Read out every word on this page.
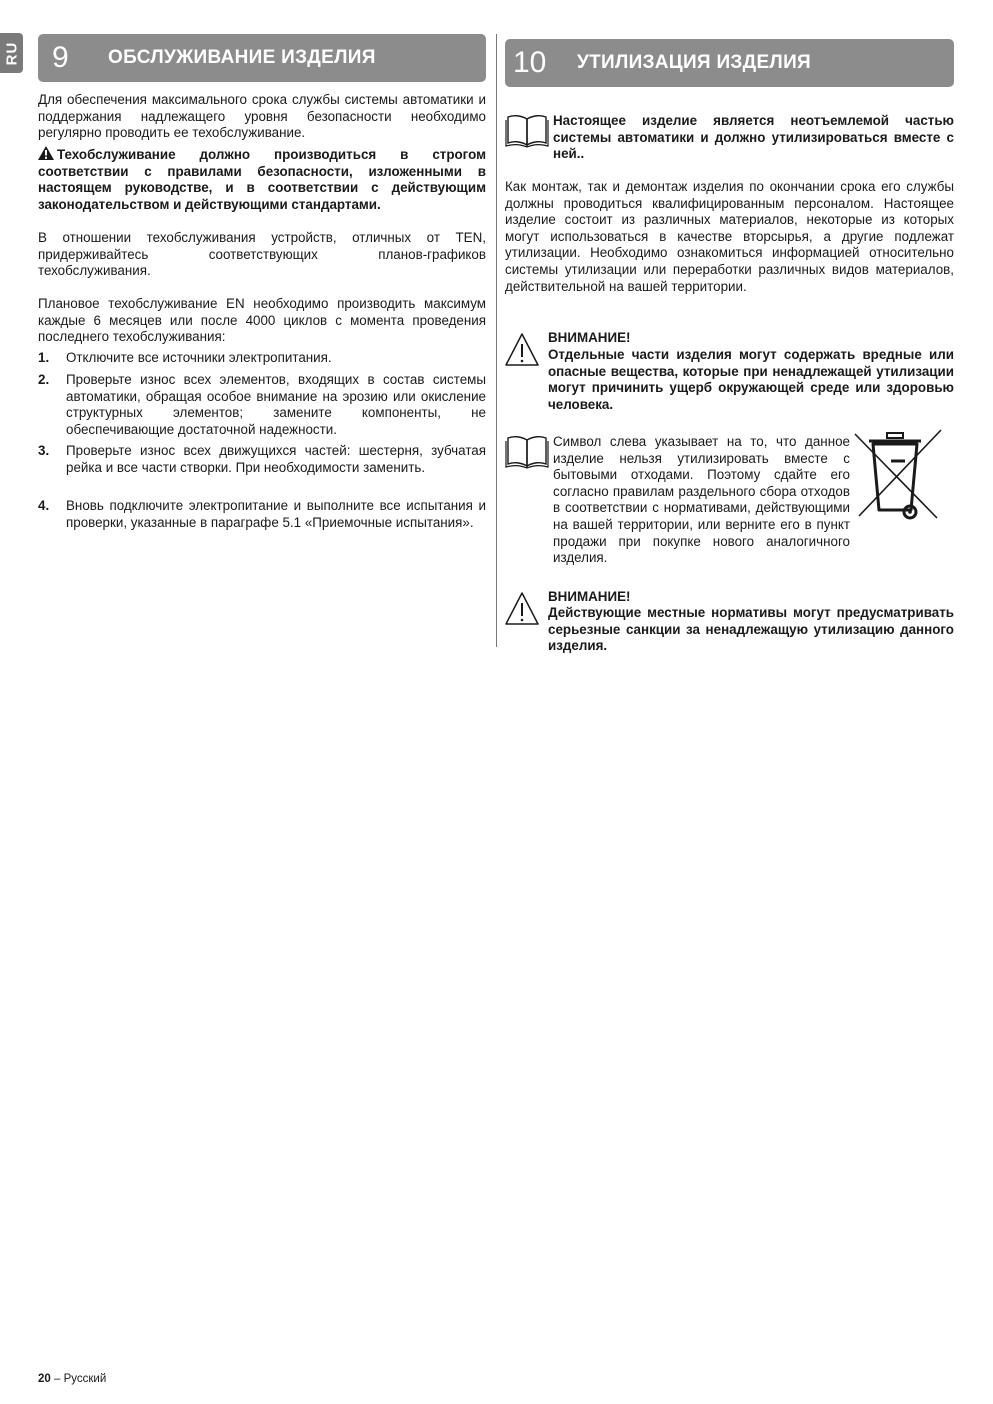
RU	9	ОБСЛУЖИВАНИЕ ИЗДЕЛИЯ

Для обеспечения максимального срока службы системы автоматики и поддержания надлежащего уровня безопасности необходимо регулярно проводить ее техобслуживание.

Техобслуживание должно производиться в строгом соответствии с правилами безопасности, изложенными в настоящем руководстве, и в соответствии с действующим законодательством и действующими стандартами.

В отношении техобслуживания устройств, отличных от TEN, придерживайтесь соответствующих планов-графиков техобслуживания.

Плановое техобслуживание EN необходимо производить максимум каждые 6 месяцев или после 4000 циклов с момента проведения последнего техобслуживания:

1. Отключите все источники электропитания.
2. Проверьте износ всех элементов, входящих в состав системы автоматики, обращая особое внимание на эрозию или окисление структурных элементов; замените компоненты, не обеспечивающие достаточной надежности.
3. Проверьте износ всех движущихся частей: шестерня, зубчатая рейка и все части створки. При необходимости заменить.
4. Вновь подключите электропитание и выполните все испытания и проверки, указанные в параграфе 5.1 «Приемочные испытания».
10	УТИЛИЗАЦИЯ ИЗДЕЛИЯ

Настоящее изделие является неотъемлемой частью системы автоматики и должно утилизироваться вместе с ней..

Как монтаж, так и демонтаж изделия по окончании срока его службы должны проводиться квалифицированным персоналом. Настоящее изделие состоит из различных материалов, некоторые из которых могут использоваться в качестве вторсырья, а другие подлежат утилизации. Необходимо ознакомиться информацией относительно системы утилизации или переработки различных видов материалов, действительной на вашей территории.

ВНИМАНИЕ!

Отдельные части изделия могут содержать вредные или опасные вещества, которые при ненадлежащей утилизации могут причинить ущерб окружающей среде или здоровью человека.

Символ слева указывает на то, что данное изделие нельзя утилизировать вместе с бытовыми отходами. Поэтому сдайте его согласно правилам раздельного сбора отходов в соответствии с нормативами, действующими на вашей территории, или верните его в пункт продажи при покупке нового аналогичного изделия.

ВНИМАНИЕ!

Действующие местные нормативы могут предусматривать серьезные санкции за ненадлежащую утилизацию данного изделия.

20 – Русский
